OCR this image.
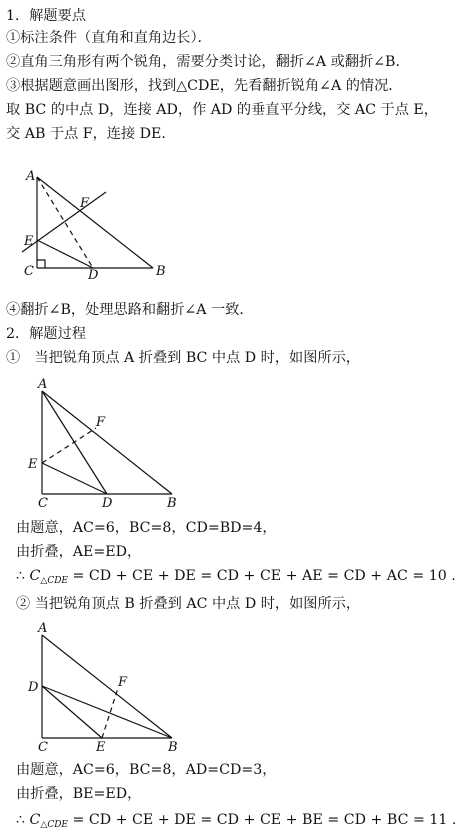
1．解题要点
①标注条件（直角和直角边长）．
②直角三角形有两个锐角，需要分类讨论，翻折∠A 或翻折∠B．
③根据题意画出图形，找到△CDE，先看翻折锐角∠A 的情况．
取 BC 的中点 D，连接 AD，作 AD 的垂直平分线，交 AC 于点 E，
交 AB 于点 F，连接 DE．
A
F
E
C	D	B
④翻折∠B，处理思路和翻折∠A 一致．
2．解题过程
①　当把锐角顶点 A 折叠到 BC 中点 D 时，如图所示，
A
F
E
C	D	B
由题意，AC=6，BC=8，CD=BD=4，
由折叠，AE=ED，
∴ $C_{\triangle CDE}$ = CD + CE + DE = CD + CE + AE = CD + AC = 10 .
② 当把锐角顶点 B 折叠到 AC 中点 D 时，如图所示，
A
F
D
C	E	B
由题意，AC=6，BC=8，AD=CD=3，
由折叠，BE=ED，
∴ $C_{\triangle CDE}$ = CD + CE + DE = CD + CE + BE = CD + BC = 11 .
